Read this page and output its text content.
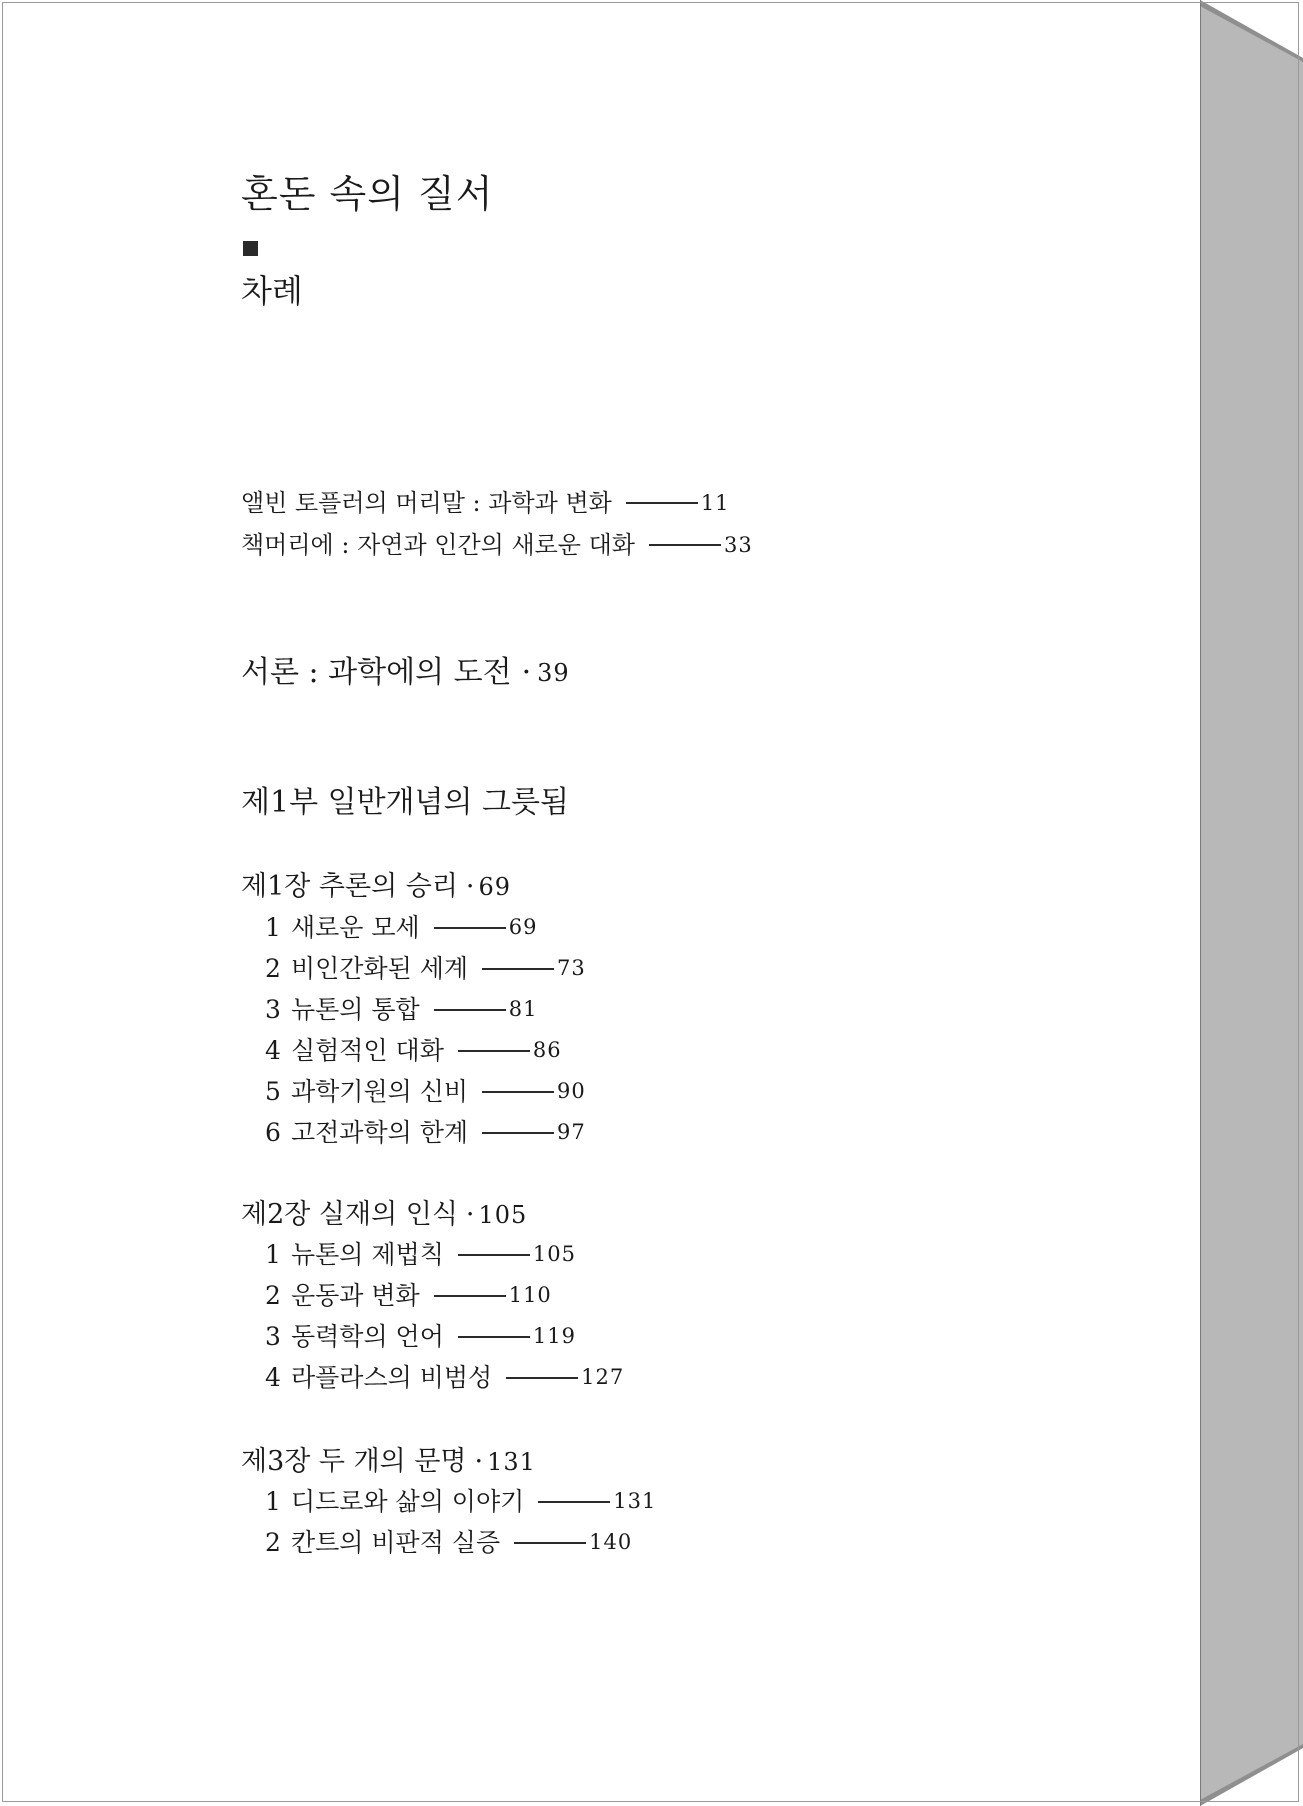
혼돈 속의 질서
차례
앨빈 토플러의 머리말 : 과학과 변화	11
책머리에 : 자연과 인간의 새로운 대화	33
서론 : 과학에의 도전 · 39
제1부 일반개념의 그릇됨
제1장 추론의 승리 · 69
1 새로운 모세	69
2 비인간화된 세계	73
3 뉴톤의 통합	81
4 실험적인 대화	86
5 과학기원의 신비	90
6 고전과학의 한계	97
제2장 실재의 인식 · 105
1 뉴톤의 제법칙	105
2 운동과 변화	110
3 동력학의 언어	119
4 라플라스의 비범성	127
제3장 두 개의 문명 · 131
1 디드로와 삶의 이야기	131
2 칸트의 비판적 실증	140
